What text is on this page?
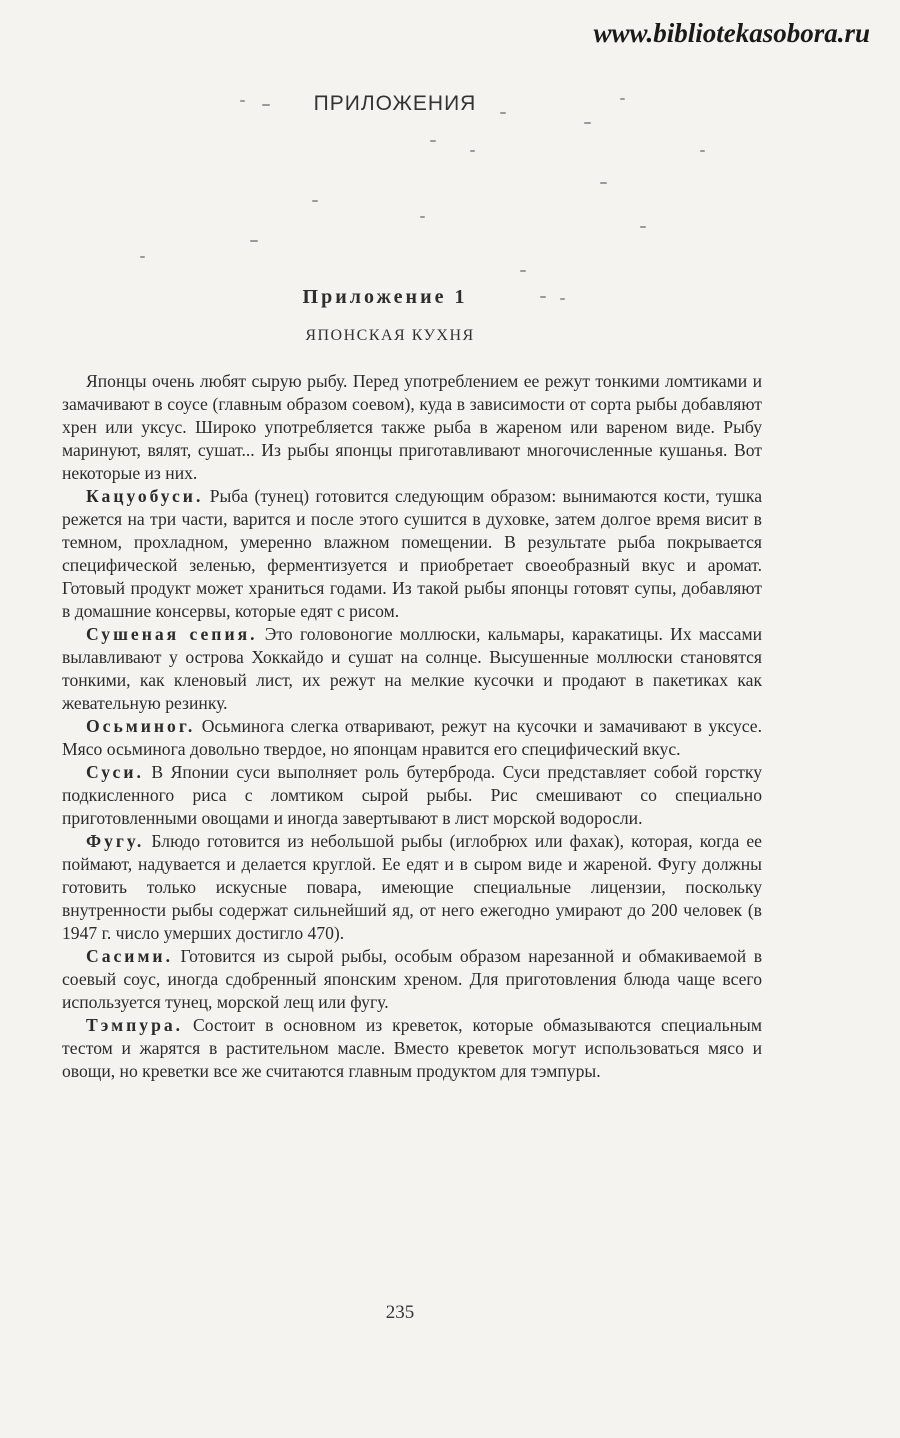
www.bibliotekasobora.ru
ПРИЛОЖЕНИЯ
Приложение 1
ЯПОНСКАЯ КУХНЯ

Японцы очень любят сырую рыбу. Перед употреблением ее режут тонкими ломтиками и замачивают в соусе (главным образом соевом), куда в зависимости от сорта рыбы добавляют хрен или уксус. Широко употребляется также рыба в жареном или вареном виде. Рыбу маринуют, вялят, сушат... Из рыбы японцы приготавливают многочисленные кушанья. Вот некоторые из них.

Кацуобуси. Рыба (тунец) готовится следующим образом: вынимаются кости, тушка режется на три части, варится и после этого сушится в духовке, затем долгое время висит в темном, прохладном, умеренно влажном помещении. В результате рыба покрывается специфической зеленью, ферментизуется и приобретает своеобразный вкус и аромат. Готовый продукт может храниться годами. Из такой рыбы японцы готовят супы, добавляют в домашние консервы, которые едят с рисом.

Сушеная сепия. Это головоногие моллюски, кальмары, каракатицы. Их массами вылавливают у острова Хоккайдо и сушат на солнце. Высушенные моллюски становятся тонкими, как кленовый лист, их режут на мелкие кусочки и продают в пакетиках как жевательную резинку.

Осьминог. Осьминога слегка отваривают, режут на кусочки и замачивают в уксусе. Мясо осьминога довольно твердое, но японцам нравится его специфический вкус.

Суси. В Японии суси выполняет роль бутерброда. Суси представляет собой горстку подкисленного риса с ломтиком сырой рыбы. Рис смешивают со специально приготовленными овощами и иногда завертывают в лист морской водоросли.

Фугу. Блюдо готовится из небольшой рыбы (иглобрюх или фахак), которая, когда ее поймают, надувается и делается круглой. Ее едят и в сыром виде и жареной. Фугу должны готовить только искусные повара, имеющие специальные лицензии, поскольку внутренности рыбы содержат сильнейший яд, от него ежегодно умирают до 200 человек (в 1947 г. число умерших достигло 470).

Сасими. Готовится из сырой рыбы, особым образом нарезанной и обмакиваемой в соевый соус, иногда сдобренный японским хреном. Для приготовления блюда чаще всего используется тунец, морской лещ или фугу.

Тэмпура. Состоит в основном из креветок, которые обмазываются специальным тестом и жарятся в растительном масле. Вместо креветок могут использоваться мясо и овощи, но креветки все же считаются главным продуктом для тэмпуры.

235
